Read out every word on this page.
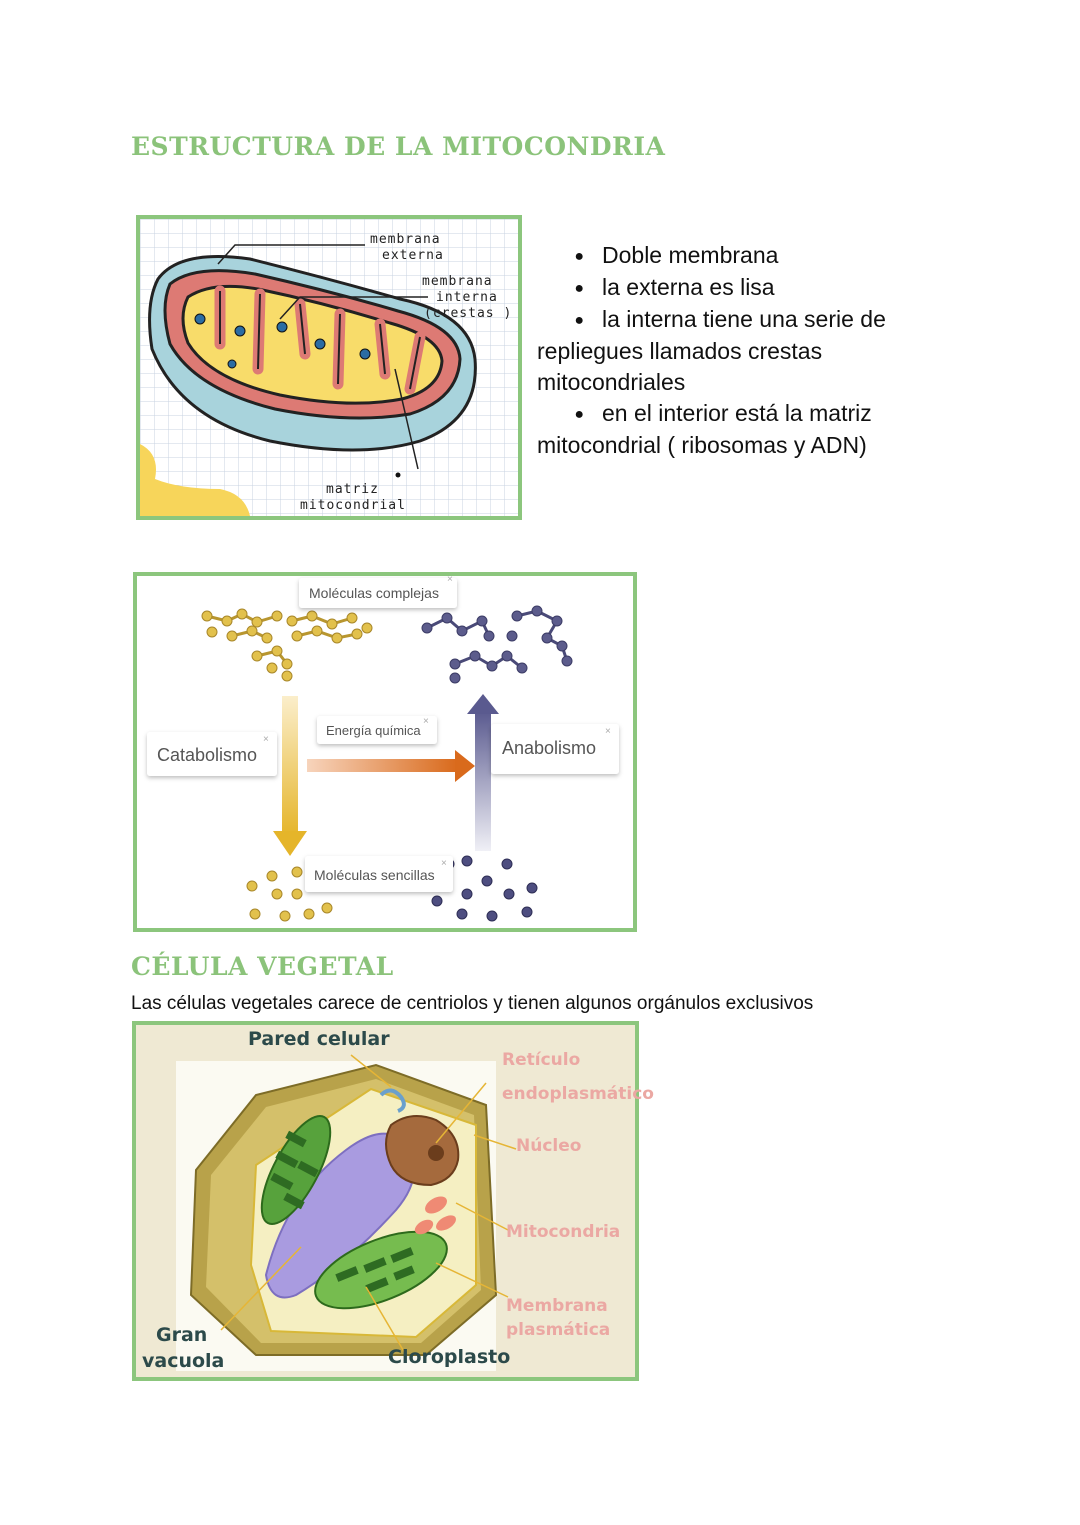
ESTRUCTURA DE LA MITOCONDRIA
membrana
externa
membrana
interna
(crestas )
matriz
mitocondrial
● Doble membrana
● la externa es lisa
● la interna tiene una serie de
repliegues llamados crestas
mitocondriales
● en el interior está la matriz
mitocondrial ( ribosomas y ADN)
Moléculas complejas
×
Catabolismo
×
Energía química
×
Anabolismo
×
Moléculas sencillas
×
CÉLULA VEGETAL
Las células vegetales carece de centriolos y tienen algunos orgánulos exclusivos
Pared celular
Retículo
endoplasmático
Núcleo
Mitocondria
Membrana
plasmática
Gran
vacuola	Cloroplasto
